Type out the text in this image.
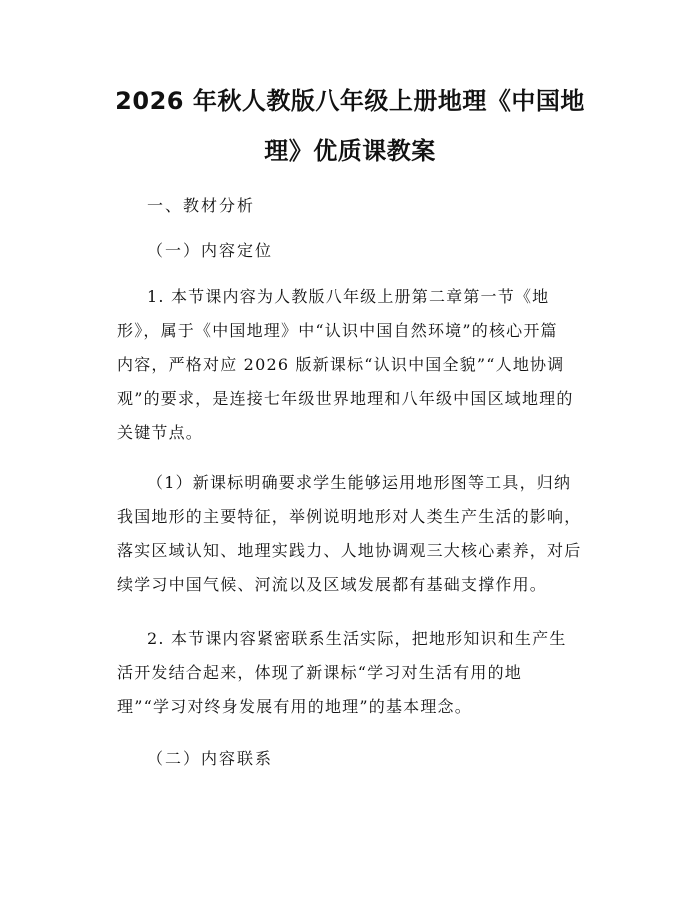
2026 年秋人教版八年级上册地理《中国地
理》优质课教案
一、教材分析
（一）内容定位
1. 本节课内容为人教版八年级上册第二章第一节《地
形》，属于《中国地理》中“认识中国自然环境”的核心开篇
内容，严格对应 2026 版新课标“认识中国全貌”“人地协调
观”的要求，是连接七年级世界地理和八年级中国区域地理的
关键节点。
（1）新课标明确要求学生能够运用地形图等工具，归纳
我国地形的主要特征，举例说明地形对人类生产生活的影响，
落实区域认知、地理实践力、人地协调观三大核心素养，对后
续学习中国气候、河流以及区域发展都有基础支撑作用。
2. 本节课内容紧密联系生活实际，把地形知识和生产生
活开发结合起来，体现了新课标“学习对生活有用的地
理”“学习对终身发展有用的地理”的基本理念。
（二）内容联系
